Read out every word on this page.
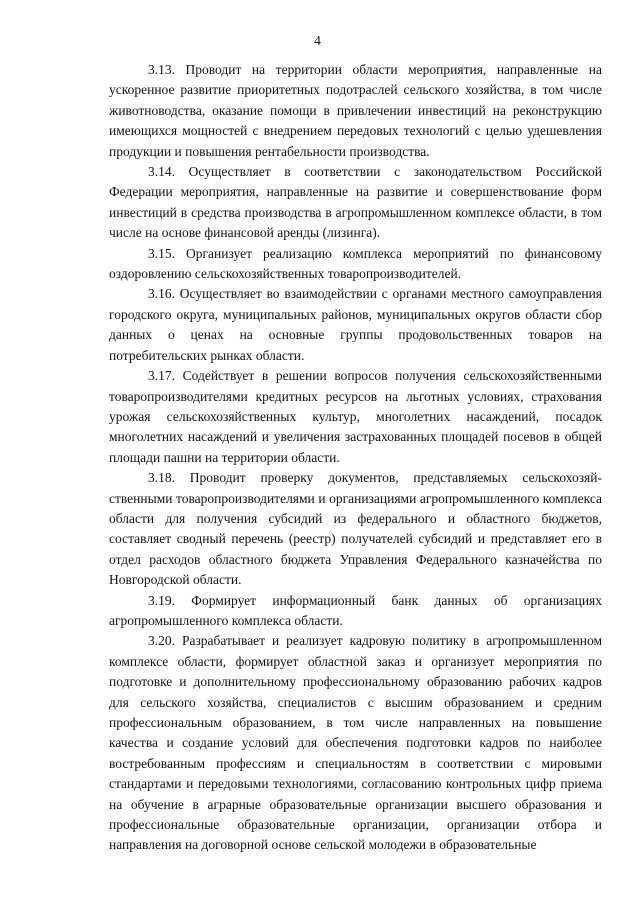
4

3.13. Проводит на территории области мероприятия, направленные на ускоренное развитие приоритетных подотраслей сельского хозяйства, в том числе животноводства, оказание помощи в привлечении инвестиций на реконструкцию имеющихся мощностей с внедрением передовых технологий с целью удешевления продукции и повышения рентабельности производства.

3.14. Осуществляет в соответствии с законодательством Российской Федерации мероприятия, направленные на развитие и совершенствование форм инвестиций в средства производства в агропромышленном комплексе области, в том числе на основе финансовой аренды (лизинга).

3.15. Организует реализацию комплекса мероприятий по финансовому оздоровлению сельскохозяйственных товаропроизводителей.

3.16. Осуществляет во взаимодействии с органами местного самоуправления городского округа, муниципальных районов, муниципальных округов области сбор данных о ценах на основные группы продовольственных товаров на потребительских рынках области.

3.17. Содействует в решении вопросов получения сельскохозяйственными товаропроизводителями кредитных ресурсов на льготных условиях, страхования урожая сельскохозяйственных культур, многолетних насаждений, посадок многолетних насаждений и увеличения застрахованных площадей посевов в общей площади пашни на территории области.

3.18. Проводит проверку документов, представляемых сельскохозяйственными товаропроизводителями и организациями агропромышленного комплекса области для получения субсидий из федерального и областного бюджетов, составляет сводный перечень (реестр) получателей субсидий и представляет его в отдел расходов областного бюджета Управления Федерального казначейства по Новгородской области.

3.19. Формирует информационный банк данных об организациях агропромышленного комплекса области.

3.20. Разрабатывает и реализует кадровую политику в агропромышленном комплексе области, формирует областной заказ и организует мероприятия по подготовке и дополнительному профессиональному образованию рабочих кадров для сельского хозяйства, специалистов с высшим образованием и средним профессиональным образованием, в том числе направленных на повышение качества и создание условий для обеспечения подготовки кадров по наиболее востребованным профессиям и специальностям в соответствии с мировыми стандартами и передовыми технологиями, согласованию контрольных цифр приема на обучение в аграрные образовательные организации высшего образования и профессиональные образовательные организации, организации отбора и направления на договорной основе сельской молодежи в образовательные
